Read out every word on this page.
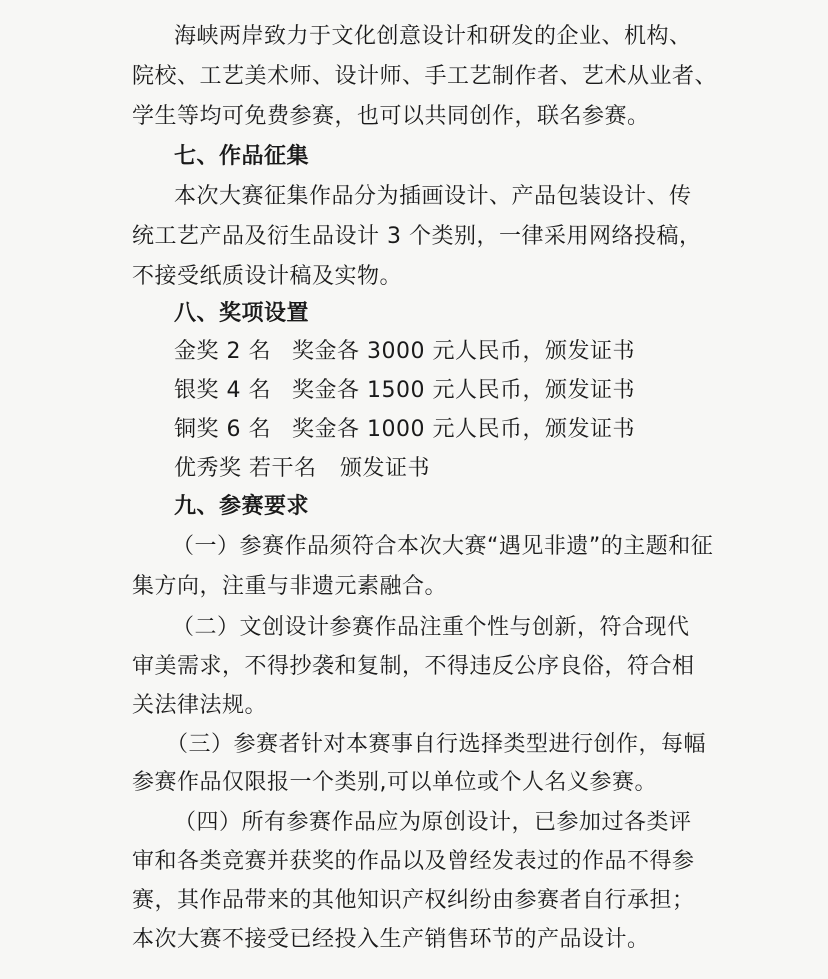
海峡两岸致力于文化创意设计和研发的企业、机构、
院校、工艺美术师、设计师、手工艺制作者、艺术从业者、
学生等均可免费参赛，也可以共同创作，联名参赛。
七、作品征集
本次大赛征集作品分为插画设计、产品包装设计、传
统工艺产品及衍生品设计 3 个类别，一律采用网络投稿，
不接受纸质设计稿及实物。
八、奖项设置
金奖 2 名 奖金各 3000 元人民币，颁发证书
银奖 4 名 奖金各 1500 元人民币，颁发证书
铜奖 6 名 奖金各 1000 元人民币，颁发证书
优秀奖 若干名 颁发证书
九、参赛要求
（一）参赛作品须符合本次大赛“遇见非遗”的主题和征
集方向，注重与非遗元素融合。
（二）文创设计参赛作品注重个性与创新，符合现代
审美需求，不得抄袭和复制，不得违反公序良俗，符合相
关法律法规。
（三）参赛者针对本赛事自行选择类型进行创作，每幅
参赛作品仅限报一个类别,可以单位或个人名义参赛。
（四）所有参赛作品应为原创设计，已参加过各类评
审和各类竞赛并获奖的作品以及曾经发表过的作品不得参
赛，其作品带来的其他知识产权纠纷由参赛者自行承担；
本次大赛不接受已经投入生产销售环节的产品设计。
